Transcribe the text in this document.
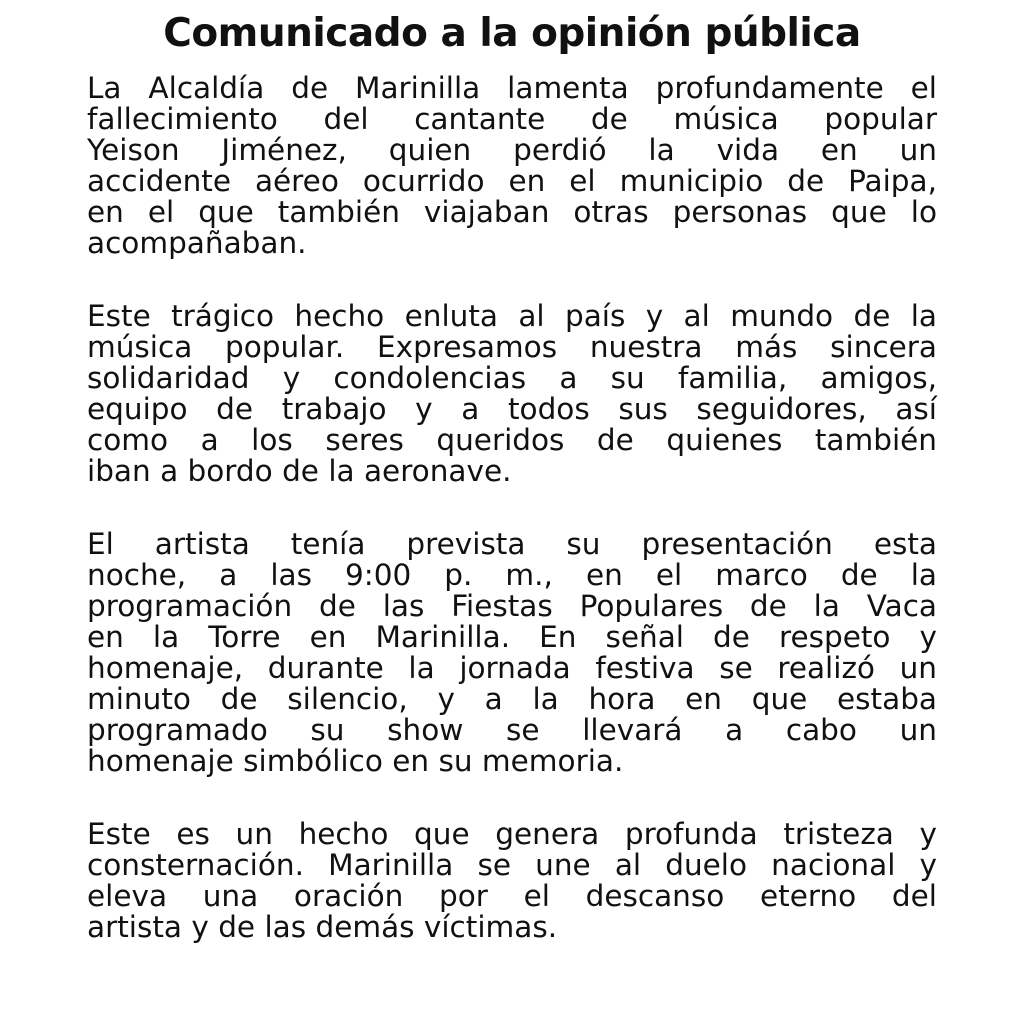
Comunicado a la opinión pública

La Alcaldía de Marinilla lamenta profundamente el
fallecimiento del cantante de música popular
Yeison Jiménez, quien perdió la vida en un
accidente aéreo ocurrido en el municipio de Paipa,
en el que también viajaban otras personas que lo
acompañaban.

Este trágico hecho enluta al país y al mundo de la
música popular. Expresamos nuestra más sincera
solidaridad y condolencias a su familia, amigos,
equipo de trabajo y a todos sus seguidores, así
como a los seres queridos de quienes también
iban a bordo de la aeronave.

El artista tenía prevista su presentación esta
noche, a las 9:00 p. m., en el marco de la
programación de las Fiestas Populares de la Vaca
en la Torre en Marinilla. En señal de respeto y
homenaje, durante la jornada festiva se realizó un
minuto de silencio, y a la hora en que estaba
programado su show se llevará a cabo un
homenaje simbólico en su memoria.

Este es un hecho que genera profunda tristeza y
consternación. Marinilla se une al duelo nacional y
eleva una oración por el descanso eterno del
artista y de las demás víctimas.
